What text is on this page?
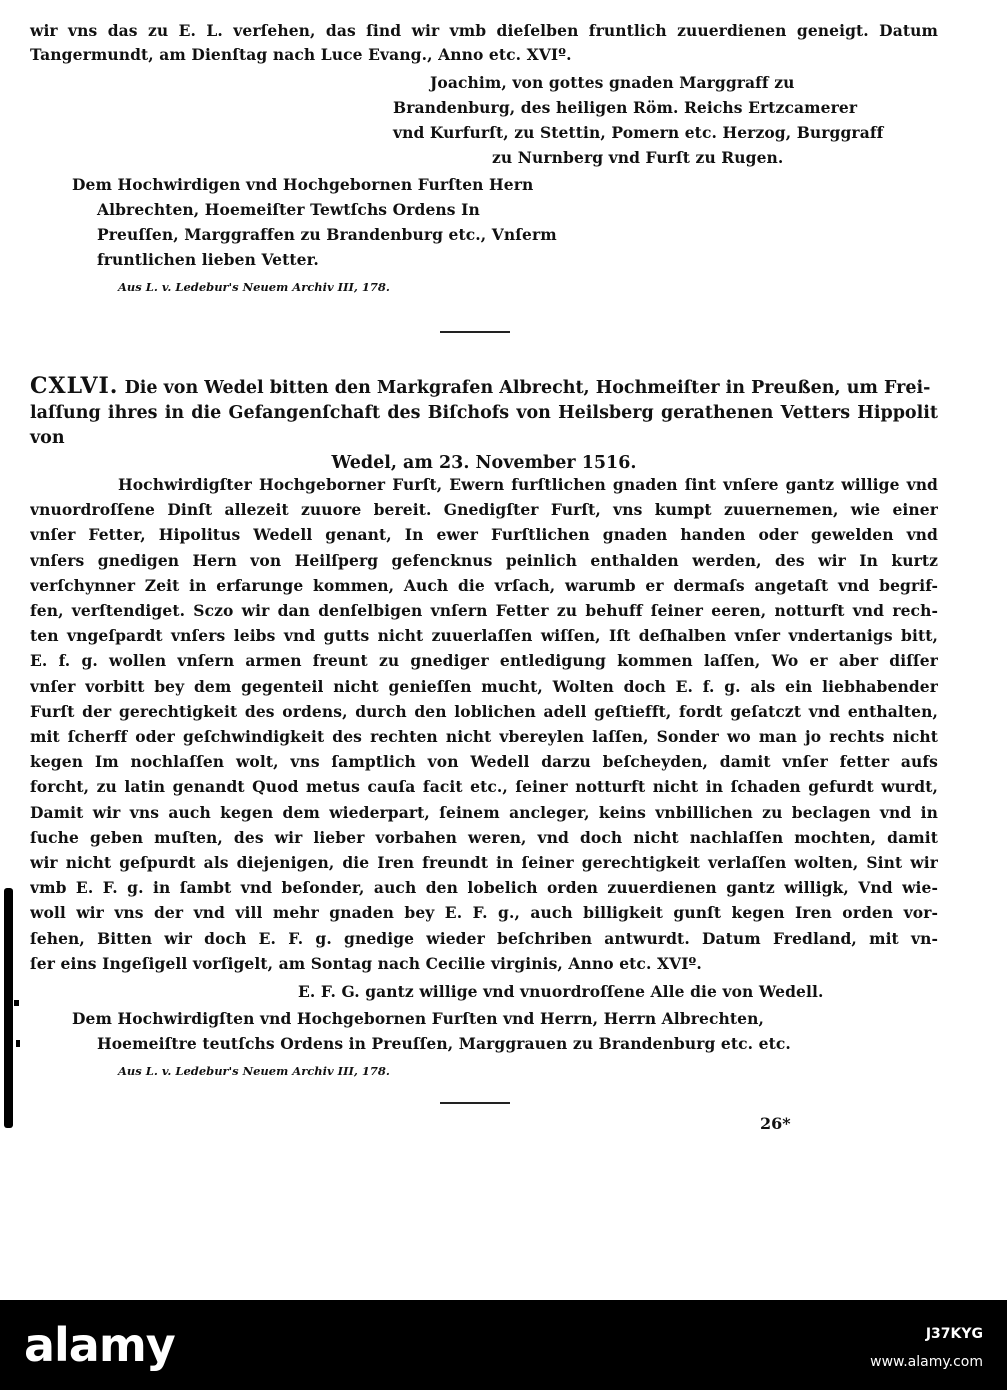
wir vns das zu E. L. verſehen, das ſind wir vmb dieſelben fruntlich zuuerdienen geneigt. Datum
Tangermundt, am Dienſtag nach Luce Evang., Anno etc. XVIº.
Joachim, von gottes gnaden Marggraff zu
Brandenburg, des heiligen Röm. Reichs Ertzcamerer
vnd Kurfurſt, zu Stettin, Pomern etc. Herzog, Burggraff
zu Nurnberg vnd Furſt zu Rugen.
Dem Hochwirdigen vnd Hochgebornen Furſten Hern
Albrechten, Hoemeiſter Tewtſchs Ordens In
Preuſſen, Marggraffen zu Brandenburg etc., Vnſerm
fruntlichen lieben Vetter.
Aus L. v. Ledebur's Neuem Archiv III, 178.
CXLVI. Die von Wedel bitten den Markgrafen Albrecht, Hochmeiſter in Preußen, um Frei-
laſſung ihres in die Gefangenſchaft des Biſchofs von Heilsberg gerathenen Vetters Hippolit von
Wedel, am 23. November 1516.
Hochwirdigſter Hochgeborner Furſt, Ewern furſtlichen gnaden ſint vnſere gantz willige vnd
vnuordroſſene Dinſt allezeit zuuore bereit. Gnedigſter Furſt, vns kumpt zuuernemen, wie einer
vnſer Fetter, Hipolitus Wedell genant, In ewer Furſtlichen gnaden handen oder gewelden vnd
vnſers gnedigen Hern von Heilſperg gefencknus peinlich enthalden werden, des wir In kurtz
verſchynner Zeit in erfarunge kommen, Auch die vrſach, warumb er dermaſs angetaſt vnd begrif-
fen, verſtendiget. Sczo wir dan denſelbigen vnſern Fetter zu behuff ſeiner eeren, notturft vnd rech-
ten vngeſpardt vnſers leibs vnd gutts nicht zuuerlaſſen wiſſen, Iſt deſhalben vnſer vndertanigs bitt,
E. f. g. wollen vnſern armen freunt zu gnediger entledigung kommen laſſen, Wo er aber diſſer
vnſer vorbitt bey dem gegenteil nicht genieſſen mucht, Wolten doch E. f. g. als ein liebhabender
Furſt der gerechtigkeit des ordens, durch den loblichen adell geſtiefft, fordt geſatczt vnd enthalten,
mit ſcherff oder geſchwindigkeit des rechten nicht vbereylen laſſen, Sonder wo man jo rechts nicht
kegen Im nochlaſſen wolt, vns ſamptlich von Wedell darzu beſcheyden, damit vnſer fetter aufs
forcht, zu latin genandt Quod metus cauſa facit etc., ſeiner notturft nicht in ſchaden gefurdt wurdt,
Damit wir vns auch kegen dem wiederpart, ſeinem ancleger, keins vnbillichen zu beclagen vnd in
ſuche geben muſten, des wir lieber vorbahen weren, vnd doch nicht nachlaſſen mochten, damit
wir nicht geſpurdt als diejenigen, die Iren freundt in ſeiner gerechtigkeit verlaſſen wolten, Sint wir
vmb E. F. g. in ſambt vnd beſonder, auch den lobelich orden zuuerdienen gantz willigk, Vnd wie-
woll wir vns der vnd vill mehr gnaden bey E. F. g., auch billigkeit gunſt kegen Iren orden vor-
ſehen, Bitten wir doch E. F. g. gnedige wieder beſchriben antwurdt. Datum Fredland, mit vn-
ſer eins Ingeſigell vorſigelt, am Sontag nach Cecilie virginis, Anno etc. XVIº.
E. F. G. gantz willige vnd vnuordroſſene Alle die von Wedell.
Dem Hochwirdigſten vnd Hochgebornen Furſten vnd Herrn, Herrn Albrechten,
Hoemeiſtre teutſchs Ordens in Preuſſen, Marggrauen zu Brandenburg etc. etc.
Aus L. v. Ledebur's Neuem Archiv III, 178.
26*
alamy	J37KYG
www.alamy.com
